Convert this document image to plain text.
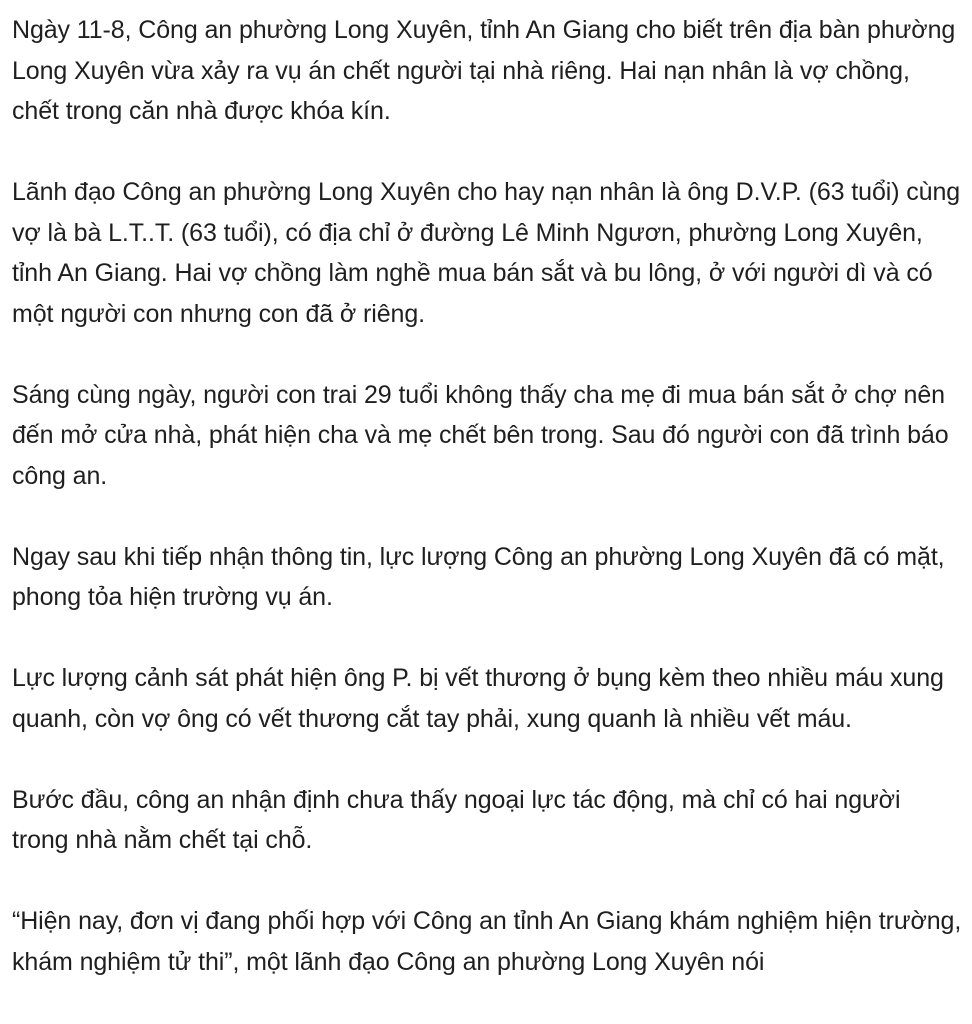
Ngày 11-8, Công an phường Long Xuyên, tỉnh An Giang cho biết trên địa bàn phường Long Xuyên vừa xảy ra vụ án chết người tại nhà riêng. Hai nạn nhân là vợ chồng, chết trong căn nhà được khóa kín.

Lãnh đạo Công an phường Long Xuyên cho hay nạn nhân là ông D.V.P. (63 tuổi) cùng vợ là bà L.T..T. (63 tuổi), có địa chỉ ở đường Lê Minh Ngươn, phường Long Xuyên, tỉnh An Giang. Hai vợ chồng làm nghề mua bán sắt và bu lông, ở với người dì và có một người con nhưng con đã ở riêng.

Sáng cùng ngày, người con trai 29 tuổi không thấy cha mẹ đi mua bán sắt ở chợ nên đến mở cửa nhà, phát hiện cha và mẹ chết bên trong. Sau đó người con đã trình báo công an.

Ngay sau khi tiếp nhận thông tin, lực lượng Công an phường Long Xuyên đã có mặt, phong tỏa hiện trường vụ án.

Lực lượng cảnh sát phát hiện ông P. bị vết thương ở bụng kèm theo nhiều máu xung quanh, còn vợ ông có vết thương cắt tay phải, xung quanh là nhiều vết máu.

Bước đầu, công an nhận định chưa thấy ngoại lực tác động, mà chỉ có hai người trong nhà nằm chết tại chỗ.

“Hiện nay, đơn vị đang phối hợp với Công an tỉnh An Giang khám nghiệm hiện trường, khám nghiệm tử thi”, một lãnh đạo Công an phường Long Xuyên nói
